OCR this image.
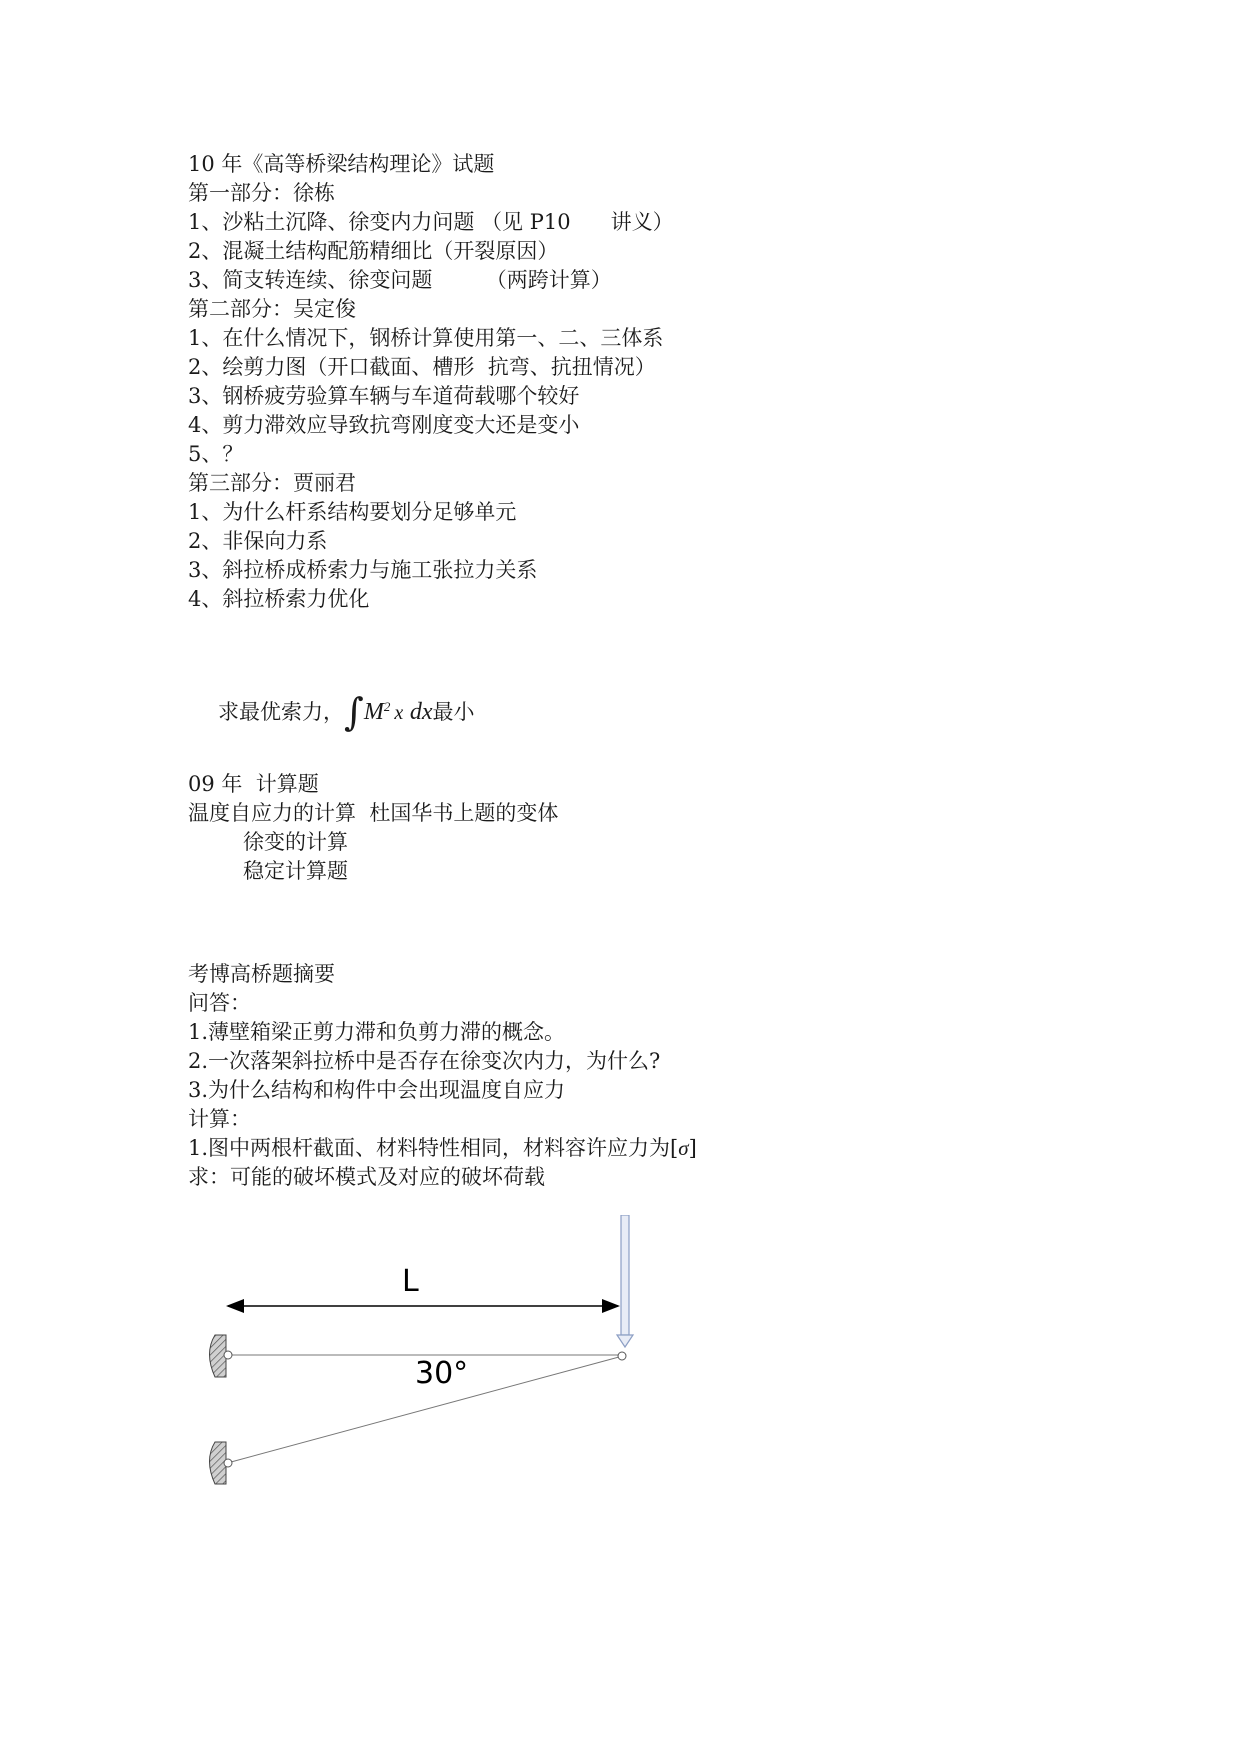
10 年《高等桥梁结构理论》试题
第一部分：徐栋
1、沙粘土沉降、徐变内力问题 （见 P10      讲义）
2、混凝土结构配筋精细比（开裂原因）
3、简支转连续、徐变问题        （两跨计算）
第二部分：吴定俊
1、在什么情况下，钢桥计算使用第一、二、三体系
2、绘剪力图（开口截面、槽形  抗弯、抗扭情况）
3、钢桥疲劳验算车辆与车道荷载哪个较好
4、剪力滞效应导致抗弯刚度变大还是变小
5、？
第三部分：贾丽君
1、为什么杆系结构要划分足够单元
2、非保向力系
3、斜拉桥成桥索力与施工张拉力关系
4、斜拉桥索力优化
求最优索力，$\int M^2$ x dx最小
09 年  计算题
温度自应力的计算  杜国华书上题的变体
徐变的计算
稳定计算题
考博高桥题摘要
问答：
1.薄壁箱梁正剪力滞和负剪力滞的概念。
2.一次落架斜拉桥中是否存在徐变次内力，为什么?
3.为什么结构和构件中会出现温度自应力
计算：
1.图中两根杆截面、材料特性相同，材料容许应力为[σ]
求：可能的破坏模式及对应的破坏荷载
L
30°
